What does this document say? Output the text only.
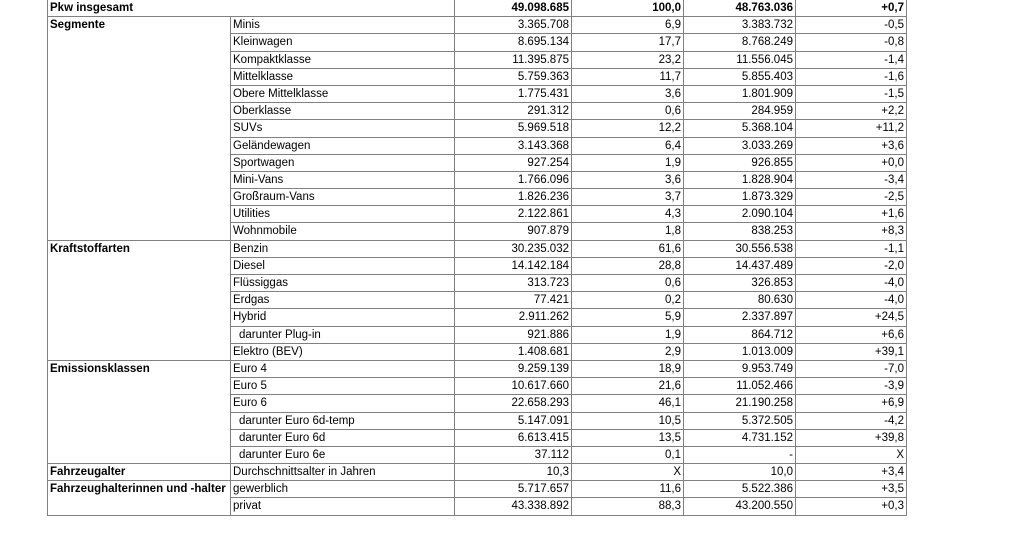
Pkw insgesamt		49.098.685	100,0	48.763.036	+0,7
Segmente	Minis	3.365.708	6,9	3.383.732	-0,5
	Kleinwagen	8.695.134	17,7	8.768.249	-0,8
	Kompaktklasse	11.395.875	23,2	11.556.045	-1,4
	Mittelklasse	5.759.363	11,7	5.855.403	-1,6
	Obere Mittelklasse	1.775.431	3,6	1.801.909	-1,5
	Oberklasse	291.312	0,6	284.959	+2,2
	SUVs	5.969.518	12,2	5.368.104	+11,2
	Geländewagen	3.143.368	6,4	3.033.269	+3,6
	Sportwagen	927.254	1,9	926.855	+0,0
	Mini-Vans	1.766.096	3,6	1.828.904	-3,4
	Großraum-Vans	1.826.236	3,7	1.873.329	-2,5
	Utilities	2.122.861	4,3	2.090.104	+1,6
	Wohnmobile	907.879	1,8	838.253	+8,3
Kraftstoffarten	Benzin	30.235.032	61,6	30.556.538	-1,1
	Diesel	14.142.184	28,8	14.437.489	-2,0
	Flüssiggas	313.723	0,6	326.853	-4,0
	Erdgas	77.421	0,2	80.630	-4,0
	Hybrid	2.911.262	5,9	2.337.897	+24,5
	darunter Plug-in	921.886	1,9	864.712	+6,6
	Elektro (BEV)	1.408.681	2,9	1.013.009	+39,1
Emissionsklassen	Euro 4	9.259.139	18,9	9.953.749	-7,0
	Euro 5	10.617.660	21,6	11.052.466	-3,9
	Euro 6	22.658.293	46,1	21.190.258	+6,9
	darunter Euro 6d-temp	5.147.091	10,5	5.372.505	-4,2
	darunter Euro 6d	6.613.415	13,5	4.731.152	+39,8
	darunter Euro 6e	37.112	0,1	-	X
Fahrzeugalter	Durchschnittsalter in Jahren	10,3	X	10,0	+3,4
Fahrzeughalterinnen und -halter	gewerblich	5.717.657	11,6	5.522.386	+3,5
	privat	43.338.892	88,3	43.200.550	+0,3
